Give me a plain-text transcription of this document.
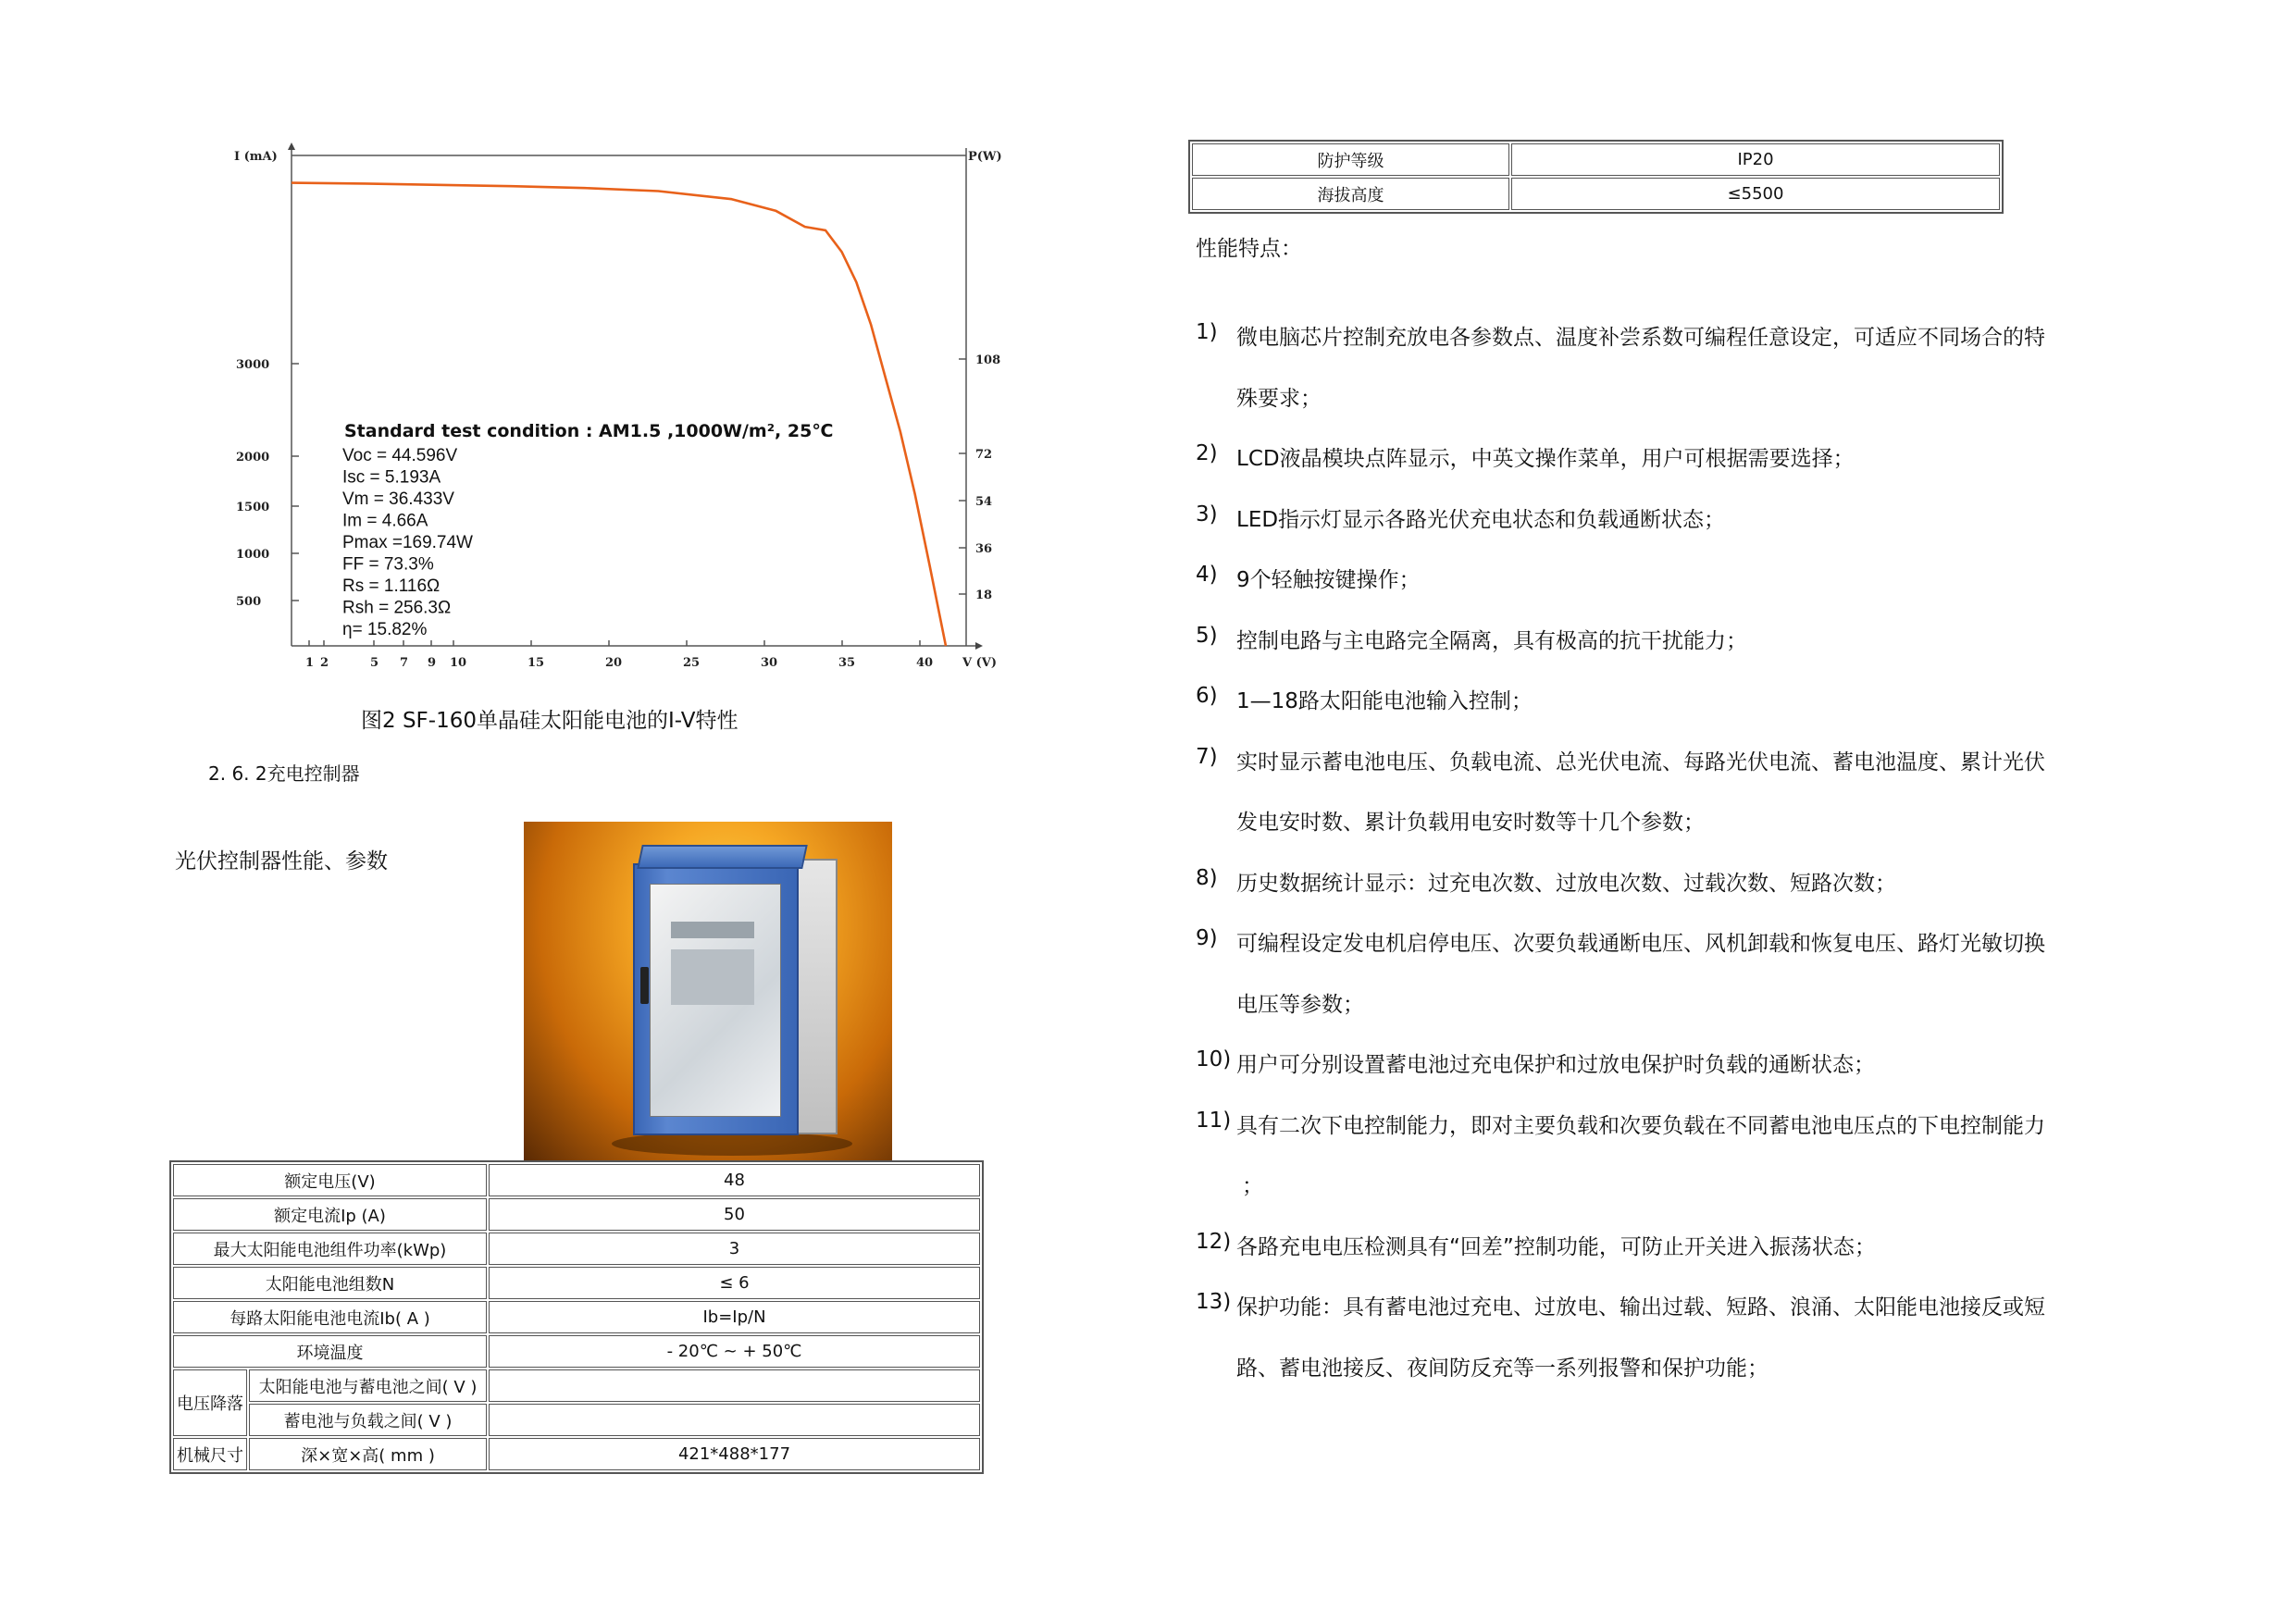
I (mA)	P(W)
V (V)
500
1000
1500
2000
3000
18
36
54
72
108
1 2	5 7 9 10	15	20	25	30	35	40
Standard test condition : AM1.5 ,1000W/m², 25℃
Voc = 44.596V
Isc = 5.193A
Vm = 36.433V
Im = 4.66A
Pmax =169.74W
FF = 73.3%
Rs = 1.116Ω
Rsh = 256.3Ω
η= 15.82%
图2 SF-160单晶硅太阳能电池的I-V特性
2. 6. 2充电控制器
光伏控制器性能、参数
额定电压(V)		48
额定电流Ip (A)		50
最大太阳能电池组件功率(kWp)		3
太阳能电池组数N		≤ 6
每路太阳能电池电流Ib( A )		Ib=Ip/N
环境温度		- 20℃ ~ + 50℃
电压降落	太阳能电池与蓄电池之间( V )	
	蓄电池与负载之间( V )	
机械尺寸	深×宽×高( mm )	421*488*177
防护等级	IP20
海拔高度	≤5500
性能特点：
1) 微电脑芯片控制充放电各参数点、温度补尝系数可编程任意设定，可适应不同场合的特
殊要求；
2) LCD液晶模块点阵显示，中英文操作菜单，用户可根据需要选择；
3) LED指示灯显示各路光伏充电状态和负载通断状态；
4) 9个轻触按键操作；
5) 控制电路与主电路完全隔离，具有极高的抗干扰能力；
6) 1—18路太阳能电池输入控制；
7) 实时显示蓄电池电压、负载电流、总光伏电流、每路光伏电流、蓄电池温度、累计光伏
发电安时数、累计负载用电安时数等十几个参数；
8) 历史数据统计显示：过充电次数、过放电次数、过载次数、短路次数；
9) 可编程设定发电机启停电压、次要负载通断电压、风机卸载和恢复电压、路灯光敏切换
电压等参数；
10) 用户可分别设置蓄电池过充电保护和过放电保护时负载的通断状态；
11) 具有二次下电控制能力，即对主要负载和次要负载在不同蓄电池电压点的下电控制能力
；
12) 各路充电电压检测具有“回差”控制功能，可防止开关进入振荡状态；
13) 保护功能：具有蓄电池过充电、过放电、输出过载、短路、浪涌、太阳能电池接反或短
路、蓄电池接反、夜间防反充等一系列报警和保护功能；
